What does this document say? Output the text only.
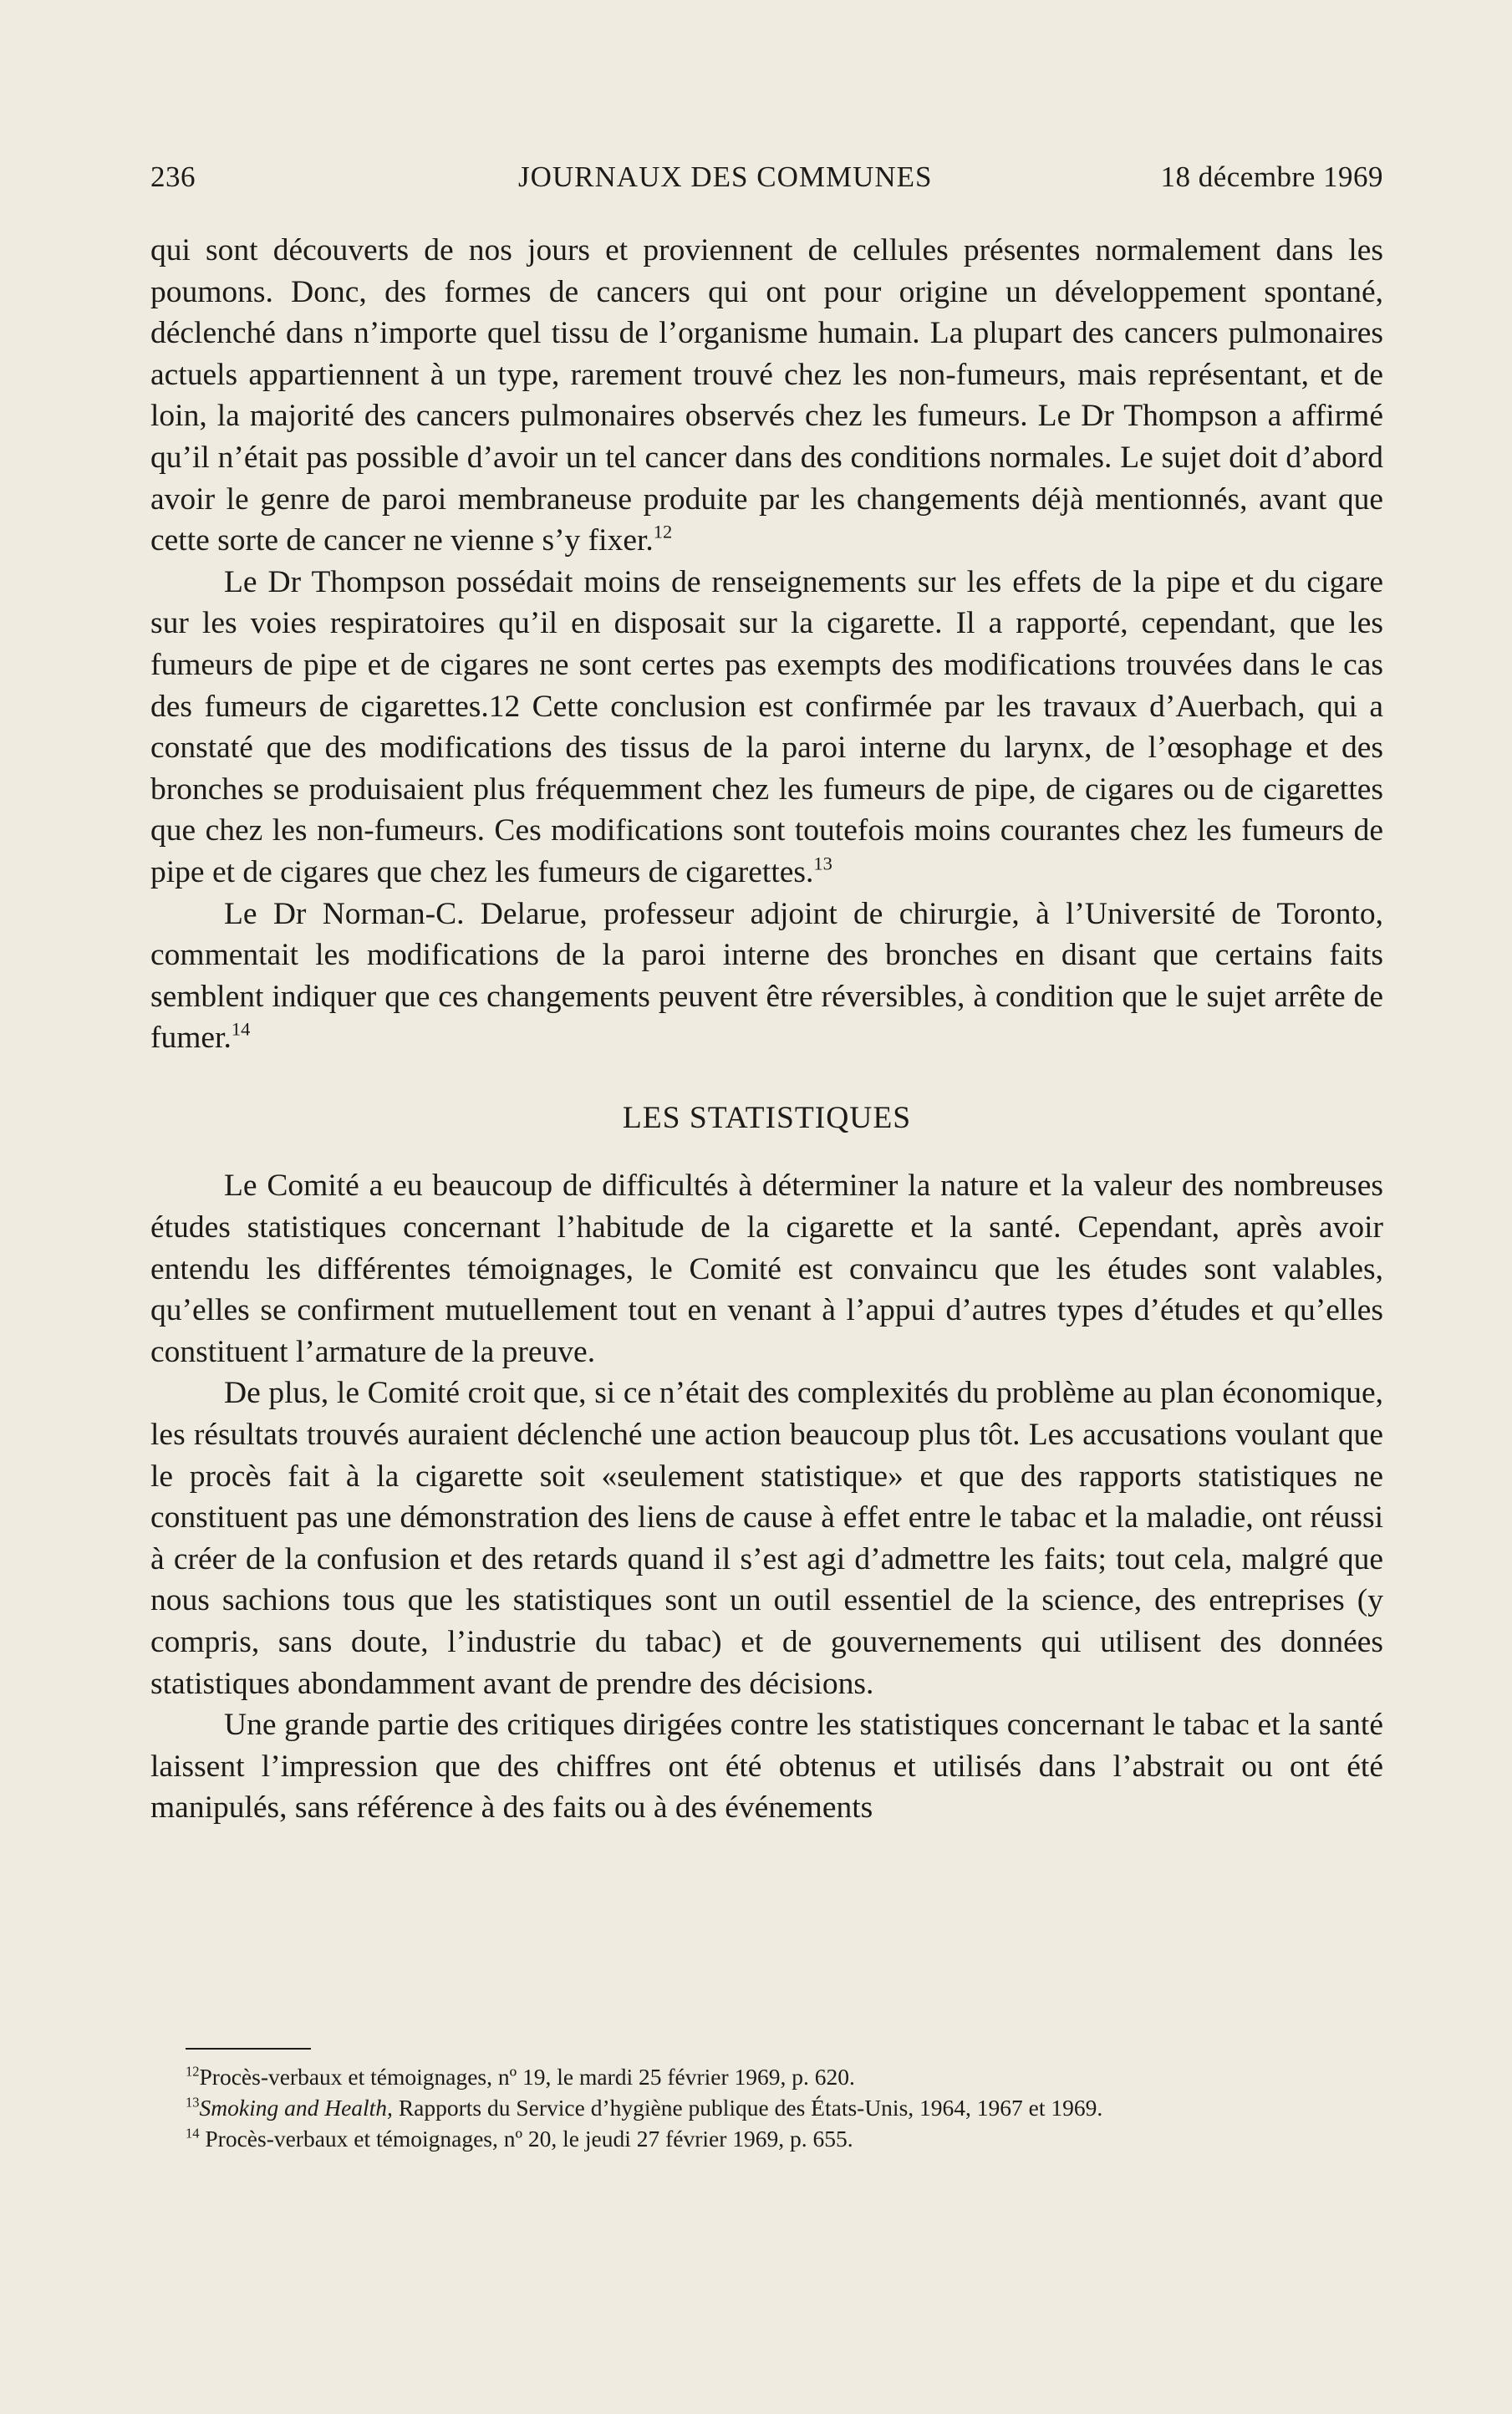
236	JOURNAUX DES COMMUNES	18 décembre 1969

qui sont découverts de nos jours et proviennent de cellules présentes normalement dans les poumons. Donc, des formes de cancers qui ont pour origine un développement spontané, déclenché dans n’importe quel tissu de l’organisme humain. La plupart des cancers pulmonaires actuels appartiennent à un type, rarement trouvé chez les non-fumeurs, mais représentant, et de loin, la majorité des cancers pulmonaires observés chez les fumeurs. Le Dr Thompson a affirmé qu’il n’était pas possible d’avoir un tel cancer dans des conditions normales. Le sujet doit d’abord avoir le genre de paroi membraneuse produite par les changements déjà mentionnés, avant que cette sorte de cancer ne vienne s’y fixer.$^{12}$

Le Dr Thompson possédait moins de renseignements sur les effets de la pipe et du cigare sur les voies respiratoires qu’il en disposait sur la cigarette. Il a rapporté, cependant, que les fumeurs de pipe et de cigares ne sont certes pas exempts des modifications trouvées dans le cas des fumeurs de cigarettes.12 Cette conclusion est confirmée par les travaux d’Auerbach, qui a constaté que des modifications des tissus de la paroi interne du larynx, de l’œsophage et des bronches se produisaient plus fréquemment chez les fumeurs de pipe, de cigares ou de cigarettes que chez les non-fumeurs. Ces modifications sont toutefois moins courantes chez les fumeurs de pipe et de cigares que chez les fumeurs de cigarettes.$^{13}$

Le Dr Norman-C. Delarue, professeur adjoint de chirurgie, à l’Université de Toronto, commentait les modifications de la paroi interne des bronches en disant que certains faits semblent indiquer que ces changements peuvent être réversibles, à condition que le sujet arrête de fumer.$^{14}$

LES STATISTIQUES

Le Comité a eu beaucoup de difficultés à déterminer la nature et la valeur des nombreuses études statistiques concernant l’habitude de la cigarette et la santé. Cependant, après avoir entendu les différentes témoignages, le Comité est convaincu que les études sont valables, qu’elles se confirment mutuellement tout en venant à l’appui d’autres types d’études et qu’elles constituent l’armature de la preuve.

De plus, le Comité croit que, si ce n’était des complexités du problème au plan économique, les résultats trouvés auraient déclenché une action beaucoup plus tôt. Les accusations voulant que le procès fait à la cigarette soit «seulement statistique» et que des rapports statistiques ne constituent pas une démonstration des liens de cause à effet entre le tabac et la maladie, ont réussi à créer de la confusion et des retards quand il s’est agi d’admettre les faits; tout cela, malgré que nous sachions tous que les statistiques sont un outil essentiel de la science, des entreprises (y compris, sans doute, l’industrie du tabac) et de gouvernements qui utilisent des données statistiques abondamment avant de prendre des décisions.

Une grande partie des critiques dirigées contre les statistiques concernant le tabac et la santé laissent l’impression que des chiffres ont été obtenus et utilisés dans l’abstrait ou ont été manipulés, sans référence à des faits ou à des événements

$^{12}$Procès-verbaux et témoignages, nº 19, le mardi 25 février 1969, p. 620.

$^{13}$Smoking and Health, Rapports du Service d’hygiène publique des États-Unis, 1964, 1967 et 1969.

$^{14}$ Procès-verbaux et témoignages, nº 20, le jeudi 27 février 1969, p. 655.
